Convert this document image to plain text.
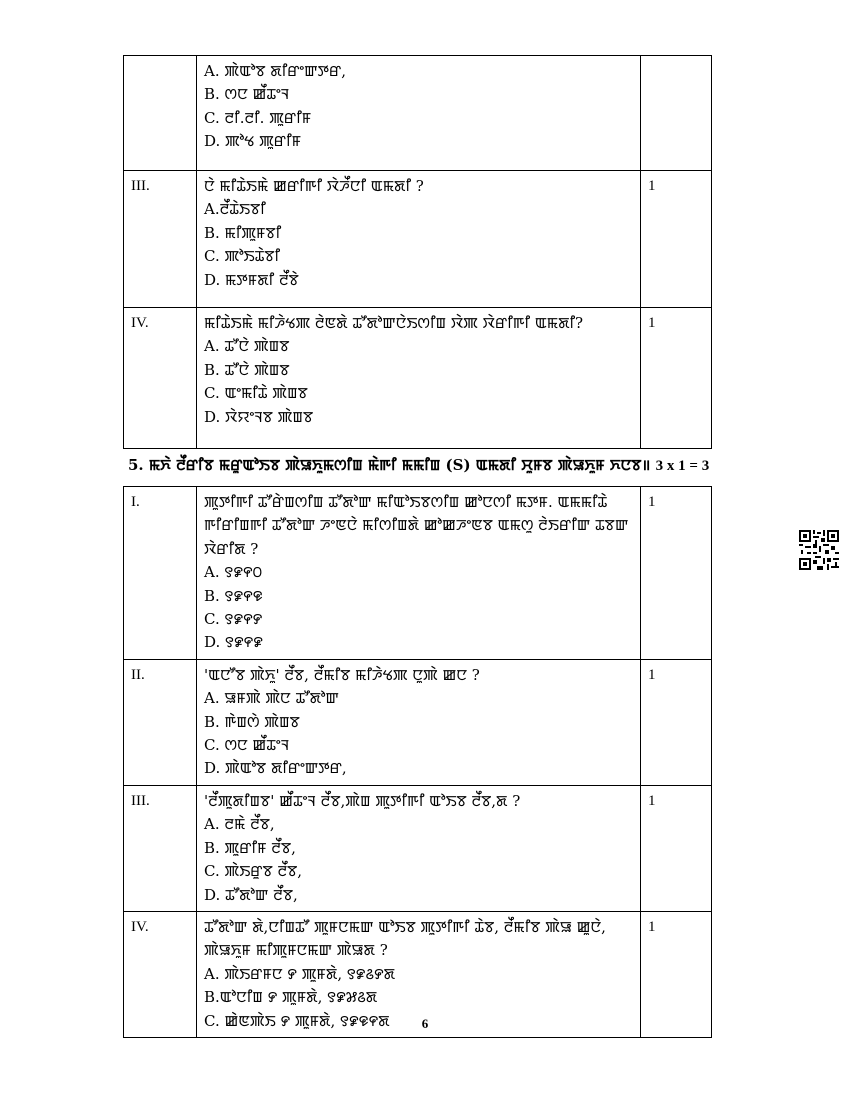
	A. ꯄꯥꯑꯣꯕ ꯗꯤꯔꯦꯛꯇꯔ,
B. ꯁꯅ ꯀꯩꯊꯦꯜ
C. ꯂꯤ.ꯂꯤ. ꯄꯨꯔꯤꯝ
D. ꯄꯣꯠ ꯄꯨꯔꯤꯝ	

III.	ꯅꯥ ꯃꯤꯊꯥꯏꯃꯥ ꯀꯔꯤꯒꯤ ꯋꯥꯍꯩꯅꯤ ꯑꯃꯗꯤ ?
A.ꯂꯩꯊꯥꯏꯕꯤ
B. ꯃꯤꯄꯨꯝꯕꯤ
C. ꯄꯣꯏꯊꯥꯕꯤ
D. ꯃꯇꯝꯗꯤ ꯂꯩꯕꯥ	1
IV.	ꯃꯤꯊꯥꯏꯃꯥ ꯃꯤꯍꯥꯠꯄ ꯂꯥꯟꯗꯥ ꯊꯧꯗꯣꯛꯅꯥꯏꯁꯤꯡ ꯋꯥꯄ ꯋꯥꯔꯤꯒꯤ ꯑꯃꯗꯤ?
A. ꯊꯧꯅꯥ ꯄꯥꯡꯕ
B. ꯊꯧꯅꯥ ꯄꯥꯡꯕ
C. ꯑꯦꯃꯤꯊꯥ ꯄꯥꯡꯕ
D. ꯋꯥꯌꯦꯜꯕ ꯄꯥꯡꯕ	1
5. ꯃꯈꯥ ꯂꯩꯔꯤꯕ ꯃꯔꯨꯑꯣꯏꯕ ꯄꯥꯎꯈꯨꯃꯁꯤꯡ ꯃꯥꯒꯤ ꯃꯃꯤꯡ (S) ꯑꯃꯗꯤ ꯆꯨꯝꯕ ꯄꯥꯎꯈꯨꯝ ꯈꯅꯕ॥ 3 x 1 = 3
I.	ꯄꯨꯇꯤꯒꯤ ꯊꯧꯔꯥꯡꯁꯤꯡ ꯊꯧꯗꯣꯛ ꯃꯤꯑꯣꯏꯕꯁꯤꯡ ꯀꯣꯅꯁꯤ ꯃꯇꯝ. ꯑꯃꯃꯤꯊꯥ ꯒꯤꯔꯤꯡꯒꯤ ꯊꯧꯗꯣꯛ ꯍꯦꯟꯅꯥ ꯃꯤꯁꯤꯡꯗꯥ ꯀꯣꯀꯍꯦꯟꯕ ꯑꯃꯁꯨ ꯂꯥꯏꯔꯤꯛ ꯊꯕꯛ ꯋꯥꯔꯤꯗ ?
A. ꯱꯹꯵꯰
B. ꯱꯹꯵꯶
C. ꯱꯹꯵꯸
D. ꯱꯹꯵꯹	1
II.	'ꯑꯅꯧꯕ ꯄꯥꯈꯨ' ꯂꯩꯕ, ꯂꯩꯃꯤꯕ ꯃꯤꯍꯥꯠꯄ ꯅꯨꯄꯥ ꯀꯅ ?
A. ꯎꯝꯄꯥ ꯄꯥꯅ ꯊꯧꯗꯣꯛ
B. ꯒꯥꯡꯁꯥ ꯄꯥꯡꯕ
C. ꯁꯅ ꯀꯩꯊꯦꯜ
D. ꯄꯥꯑꯣꯕ ꯗꯤꯔꯦꯛꯇꯔ,	1
III.	'ꯂꯩꯄꯨꯗꯤꯡꯕ' ꯀꯩꯊꯦꯜ ꯂꯩꯕ,ꯄꯥꯡ ꯄꯨꯇꯤꯒꯤ ꯑꯣꯏꯕ ꯂꯩꯕ,ꯗ ?
A. ꯂꯃꯥ ꯂꯩꯕ,
B. ꯄꯨꯔꯤꯝ ꯂꯩꯕ,
C. ꯄꯥꯏꯔꯨꯕ ꯂꯩꯕ,
D. ꯊꯧꯗꯣꯛ ꯂꯩꯕ,	1
IV.	ꯊꯧꯗꯣꯛ ꯗꯥ,ꯅꯤꯡꯊꯧ ꯄꯨꯝꯅꯃꯛ ꯑꯣꯏꯕ ꯄꯨꯇꯤꯒꯤ ꯊꯥꯕ, ꯂꯩꯃꯤꯕ ꯄꯥꯎ ꯀꯨꯅꯥ, ꯄꯥꯎꯈꯨꯝ ꯃꯤꯄꯨꯝꯅꯃꯛ ꯄꯥꯎꯗ ?
A. ꯄꯥꯏꯔꯝꯅ ꯸ ꯄꯨꯝꯗꯥ, ꯱꯹꯴꯸ꯗ
B.ꯑꯣꯅꯤꯡ ꯸ ꯄꯨꯝꯗꯥ, ꯱꯹꯷꯴ꯗ
C. ꯀꯥꯟꯄꯥꯏ ꯸ ꯄꯨꯝꯗꯥ, ꯱꯹꯶꯵ꯗ	1
6
